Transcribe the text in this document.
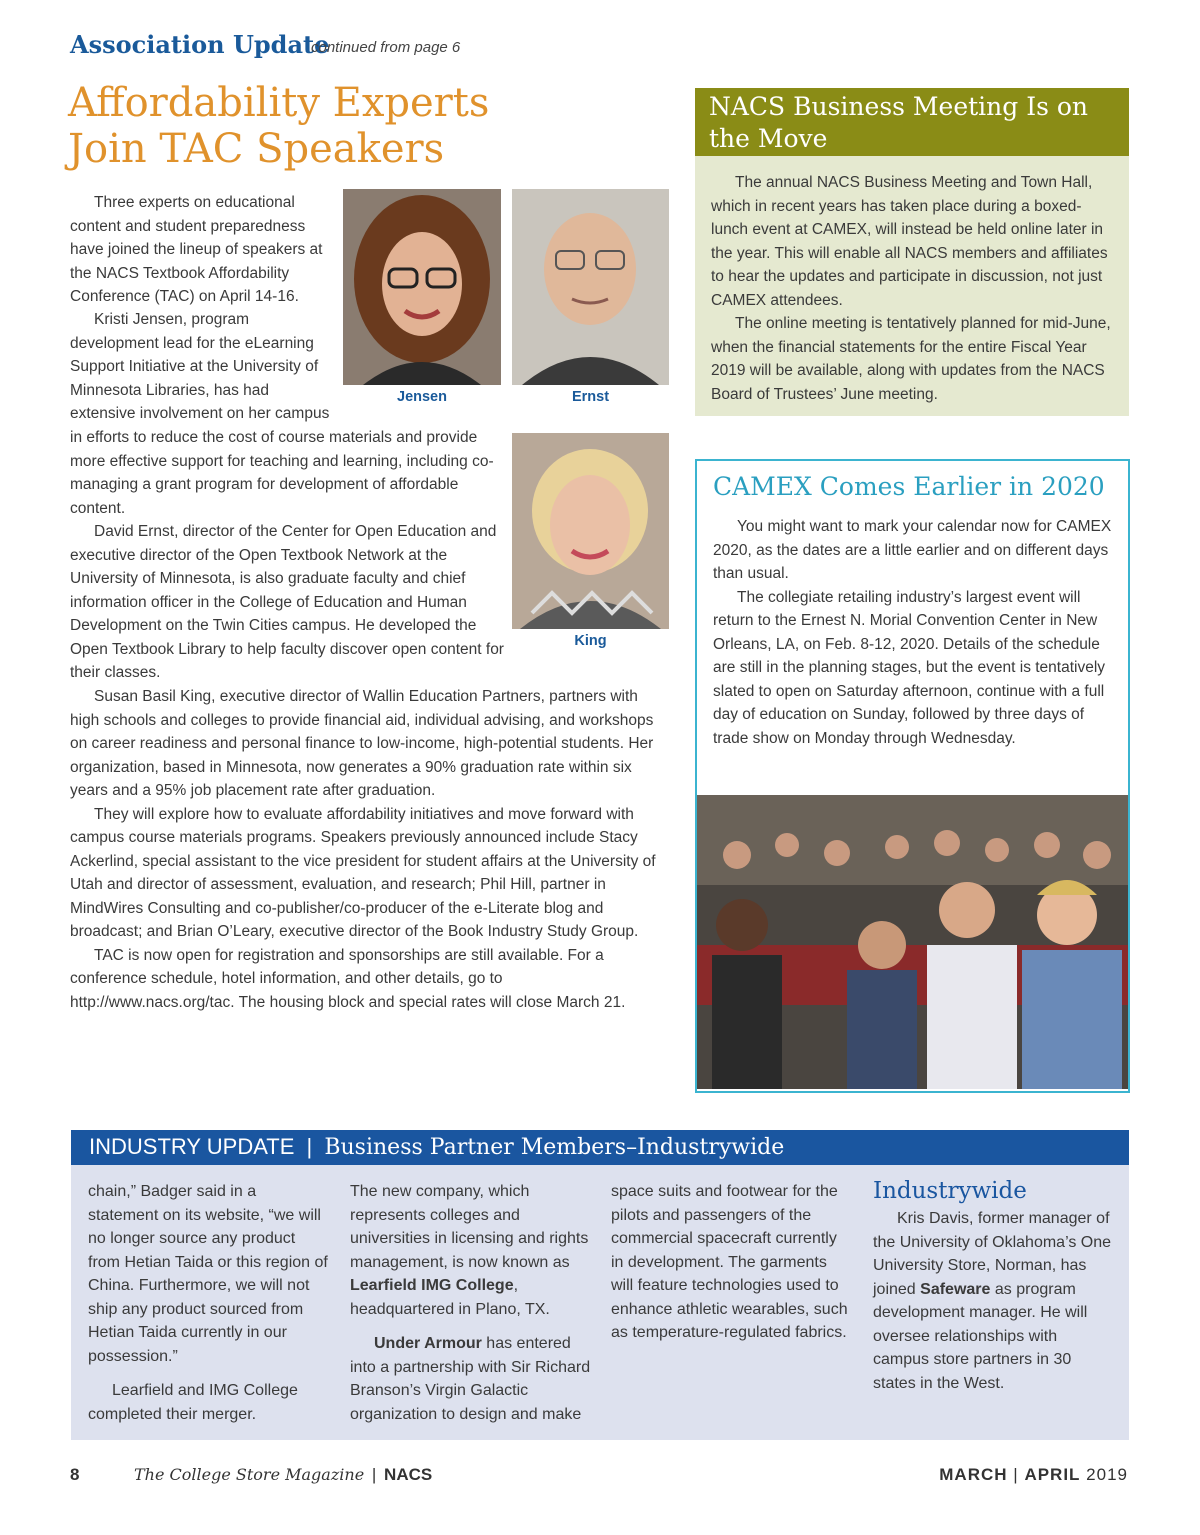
Association Update
continued from page 6
Affordability Experts Join TAC Speakers
Jensen	Ernst
King

Three experts on educational content and student preparedness have joined the lineup of speakers at the NACS Textbook Affordability Conference (TAC) on April 14-16.

Kristi Jensen, program development lead for the eLearning Support Initiative at the University of Minnesota Libraries, has had extensive involvement on her campus

in efforts to reduce the cost of course materials and provide more effective support for teaching and learning, including co-managing a grant program for development of affordable content.

David Ernst, director of the Center for Open Education and executive director of the Open Textbook Network at the University of Minnesota, is also graduate faculty and chief information officer in the College of Education and Human Development on the Twin Cities campus. He developed the Open Textbook Library to help faculty discover open content for their classes.

Susan Basil King, executive director of Wallin Education Partners, partners with high schools and colleges to provide financial aid, individual advising, and workshops on career readiness and personal finance to low-income, high-potential students. Her organization, based in Minnesota, now generates a 90% graduation rate within six years and a 95% job placement rate after graduation.

They will explore how to evaluate affordability initiatives and move forward with campus course materials programs. Speakers previously announced include Stacy Ackerlind, special assistant to the vice president for student affairs at the University of Utah and director of assessment, evaluation, and research; Phil Hill, partner in MindWires Consulting and co-publisher/co-producer of the e-Literate blog and broadcast; and Brian O’Leary, executive director of the Book Industry Study Group.

TAC is now open for registration and sponsorships are still available. For a conference schedule, hotel information, and other details, go to http://www.nacs.org/tac. The housing block and special rates will close March 21.

NACS Business Meeting Is on the Move

The annual NACS Business Meeting and Town Hall, which in recent years has taken place during a boxed-lunch event at CAMEX, will instead be held online later in the year. This will enable all NACS members and affiliates to hear the updates and participate in discussion, not just CAMEX attendees.

The online meeting is tentatively planned for mid-June, when the financial statements for the entire Fiscal Year 2019 will be available, along with updates from the NACS Board of Trustees’ June meeting.

CAMEX Comes Earlier in 2020

You might want to mark your calendar now for CAMEX 2020, as the dates are a little earlier and on different days than usual.

The collegiate retailing industry’s largest event will return to the Ernest N. Morial Convention Center in New Orleans, LA, on Feb. 8-12, 2020. Details of the schedule are still in the planning stages, but the event is tentatively slated to open on Saturday afternoon, continue with a full day of education on Sunday, followed by three days of trade show on Monday through Wednesday.

INDUSTRY UPDATE | Business Partner Members–Industrywide

chain,” Badger said in a statement on its website, “we will no longer source any product from Hetian Taida or this region of China. Furthermore, we will not ship any product sourced from Hetian Taida currently in our possession.”

Learfield and IMG College completed their merger.

The new company, which represents colleges and universities in licensing and rights management, is now known as Learfield IMG College, headquartered in Plano, TX.

Under Armour has entered into a partnership with Sir Richard Branson’s Virgin Galactic organization to design and make

space suits and footwear for the pilots and passengers of the commercial spacecraft currently in development. The garments will feature technologies used to enhance athletic wearables, such as temperature-regulated fabrics.

Industrywide

Kris Davis, former manager of the University of Oklahoma’s One University Store, Norman, has joined Safeware as program development manager. He will oversee relationships with campus store partners in 30 states in the West.

8	The College Store Magazine | NACS	MARCH | APRIL 2019
